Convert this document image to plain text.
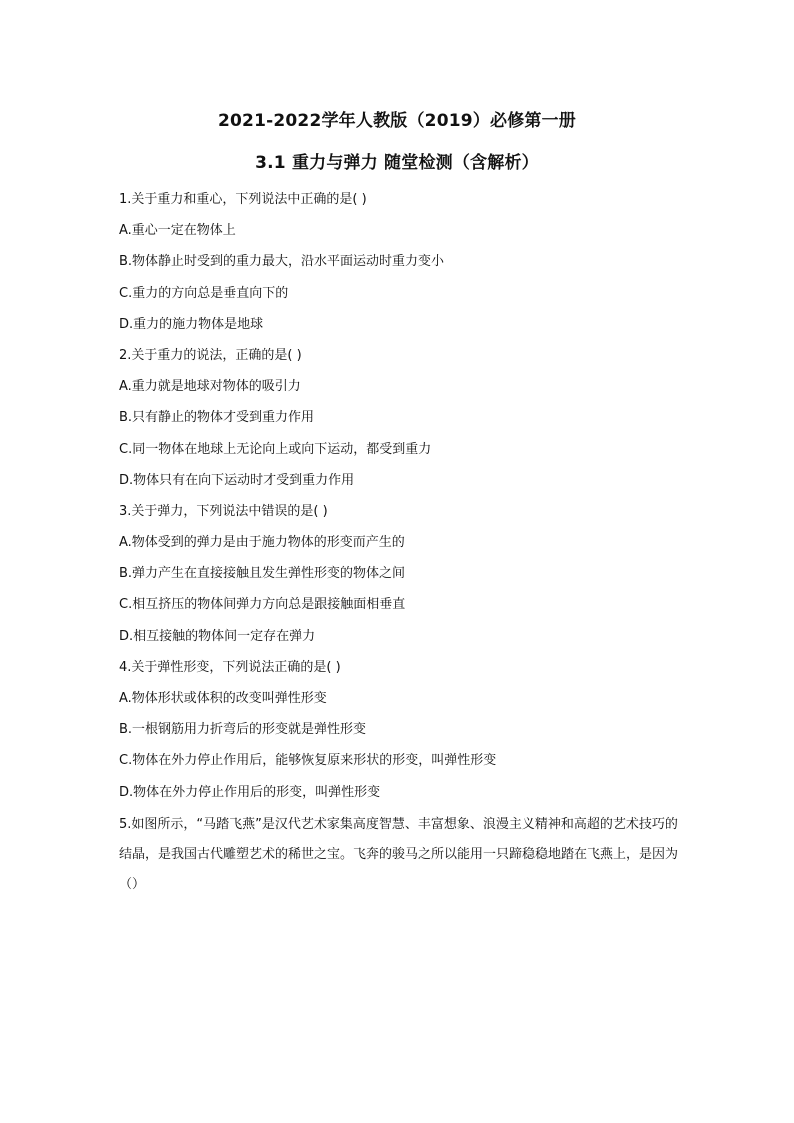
2021-2022学年人教版（2019）必修第一册
3.1 重力与弹力 随堂检测（含解析）
1.关于重力和重心，下列说法中正确的是( )
A.重心一定在物体上
B.物体静止时受到的重力最大，沿水平面运动时重力变小
C.重力的方向总是垂直向下的
D.重力的施力物体是地球
2.关于重力的说法，正确的是( )
A.重力就是地球对物体的吸引力
B.只有静止的物体才受到重力作用
C.同一物体在地球上无论向上或向下运动，都受到重力
D.物体只有在向下运动时才受到重力作用
3.关于弹力，下列说法中错误的是( )
A.物体受到的弹力是由于施力物体的形变而产生的
B.弹力产生在直接接触且发生弹性形变的物体之间
C.相互挤压的物体间弹力方向总是跟接触面相垂直
D.相互接触的物体间一定存在弹力
4.关于弹性形变，下列说法正确的是( )
A.物体形状或体积的改变叫弹性形变
B.一根钢筋用力折弯后的形变就是弹性形变
C.物体在外力停止作用后，能够恢复原来形状的形变，叫弹性形变
D.物体在外力停止作用后的形变，叫弹性形变
5.如图所示，“马踏飞燕”是汉代艺术家集高度智慧、丰富想象、浪漫主义精神和高超的艺术技巧的结晶，是我国古代雕塑艺术的稀世之宝。飞奔的骏马之所以能用一只蹄稳稳地踏在飞燕上，是因为（）
